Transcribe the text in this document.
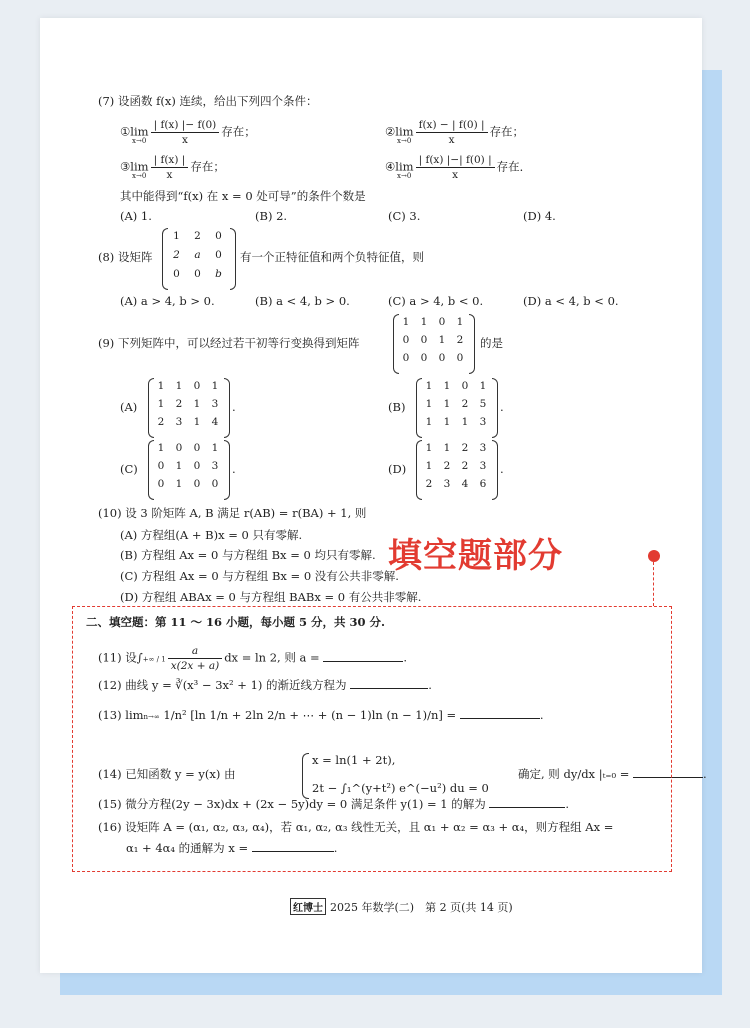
(7) 设函数 f(x) 连续，给出下列四个条件：
①lim $\frac{| f(x) |- f(0)}{x}$ 存在；
x→0
②lim $\frac{f(x) - | f(0) |}{x}$ 存在；
x→0
③lim $\frac{| f(x) |}{x}$ 存在；
x→0
④lim $\frac{| f(x) |-| f(0) |}{x}$ 存在．
x→0
其中能得到“f(x) 在 x = 0 处可导”的条件个数是
(A) 1.	(B) 2.	(C) 3.	(D) 4.
(8) 设矩阵
1	2	0
2	a	0
0	0	b
有一个正特征值和两个负特征值，则
(A) a > 4, b > 0.	(B) a < 4, b > 0.	(C) a > 4, b < 0.	(D) a < 4, b < 0.
(9) 下列矩阵中，可以经过若干初等行变换得到矩阵
1	1	0	1
0	0	1	2
0	0	0	0
的是
(A)
1	1	0	1
1	2	1	3
2	3	1	4
.	(B)
1	1	0	1
1	1	2	5
1	1	1	3
.
(C)
1	0	0	1
0	1	0	3
0	1	0	0
.	(D)
1	1	2	3
1	2	2	3
2	3	4	6
.
(10) 设 3 阶矩阵 A, B 满足 r(AB) = r(BA) + 1, 则
(A) 方程组(A + B)x = 0 只有零解.
(B) 方程组 Ax = 0 与方程组 Bx = 0 均只有零解.
(C) 方程组 Ax = 0 与方程组 Bx = 0 没有公共非零解.
(D) 方程组 ABAx = 0 与方程组 BABx = 0 有公共非零解.
二、填空题：第 11 ～ 16 小题，每小题 5 分，共 30 分.
(11) 设∫+∞ / $1 \frac{a}{x(2x + a)}$ dx = ln 2, 则 a =	.
(12) 曲线 y = ∛(x³ − 3x² + 1) 的渐近线方程为	.
(13) limn→∞ 1/n² [ln 1/n + 2ln 2/n + ⋯ + (n − 1)ln (n − 1)/n] =	.
(14) 已知函数 y = y(x) 由
x = ln(1 + 2t),
2t − ∫₁^(y+t²) e^(−u²) du = 0
确定, 则 dy/dx |ₜ₌₀ =	.
(15) 微分方程(2y − 3x)dx + (2x − 5y)dy = 0 满足条件 y(1) = 1 的解为	.
(16) 设矩阵 A = (α₁, α₂, α₃, α₄)，若 α₁, α₂, α₃ 线性无关，且 α₁ + α₂ = α₃ + α₄，则方程组 Ax =
α₁ + 4α₄ 的通解为 x =	.
红博士 2025 年数学(二)　第 2 页(共 14 页)
填空题部分
